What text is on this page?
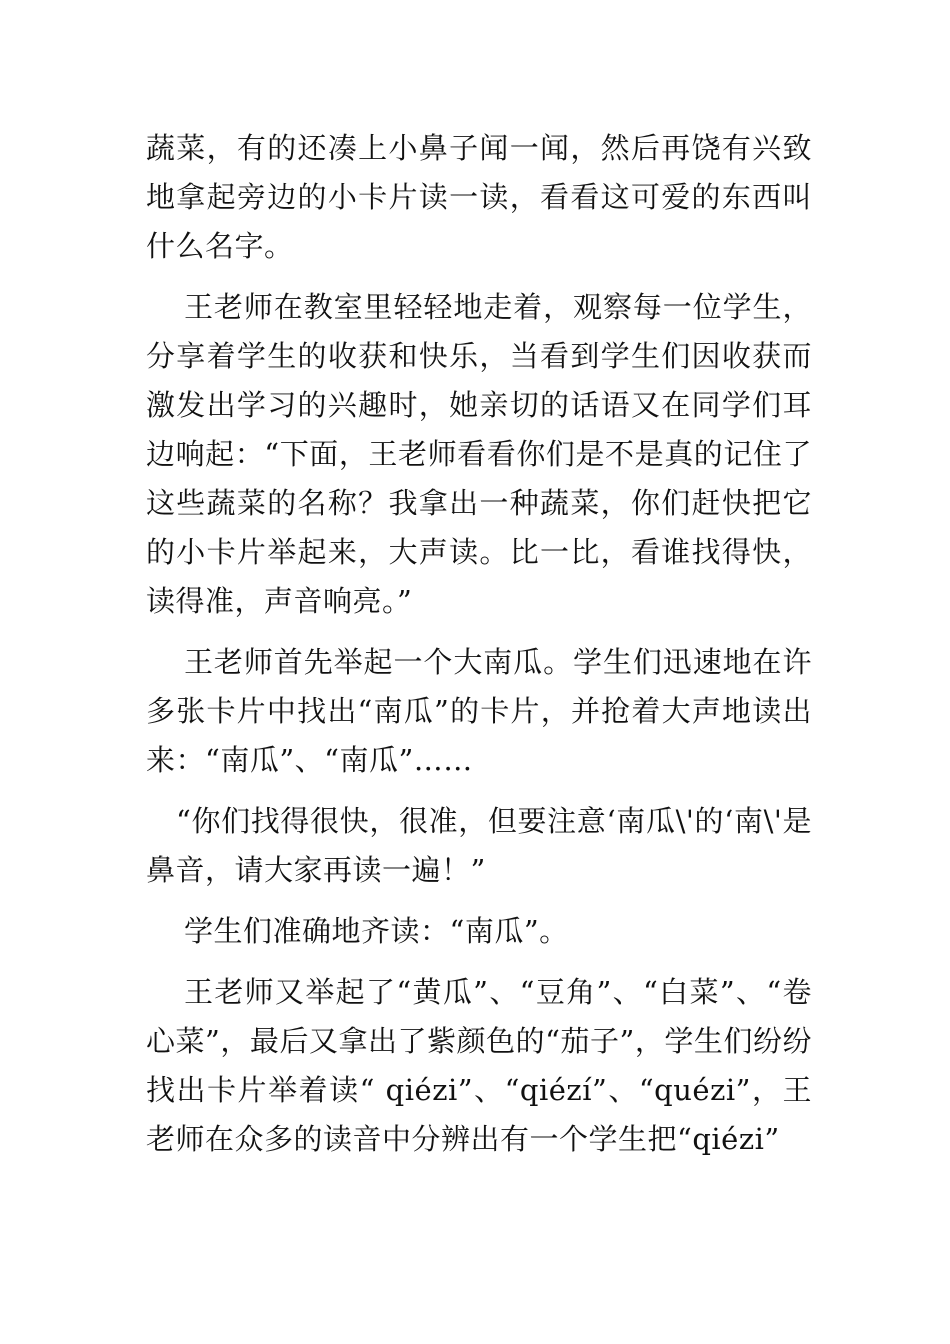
蔬菜，有的还凑上小鼻子闻一闻，然后再饶有兴致地拿起旁边的小卡片读一读，看看这可爱的东西叫什么名字。

王老师在教室里轻轻地走着，观察每一位学生，分享着学生的收获和快乐，当看到学生们因收获而激发出学习的兴趣时，她亲切的话语又在同学们耳边响起：“下面，王老师看看你们是不是真的记住了这些蔬菜的名称？我拿出一种蔬菜，你们赶快把它的小卡片举起来，大声读。比一比，看谁找得快，读得准，声音响亮。”

王老师首先举起一个大南瓜。学生们迅速地在许多张卡片中找出“南瓜”的卡片，并抢着大声地读出来：“南瓜”、“南瓜”……

“你们找得很快，很准，但要注意‘南瓜\'的‘南\'是鼻音，请大家再读一遍！”

学生们准确地齐读：“南瓜”。

王老师又举起了“黄瓜”、“豆角”、“白菜”、“卷心菜”，最后又拿出了紫颜色的“茄子”，学生们纷纷找出卡片举着读“ qiézi”、“qiézí”、“quézi”，王老师在众多的读音中分辨出有一个学生把“qiézi”
